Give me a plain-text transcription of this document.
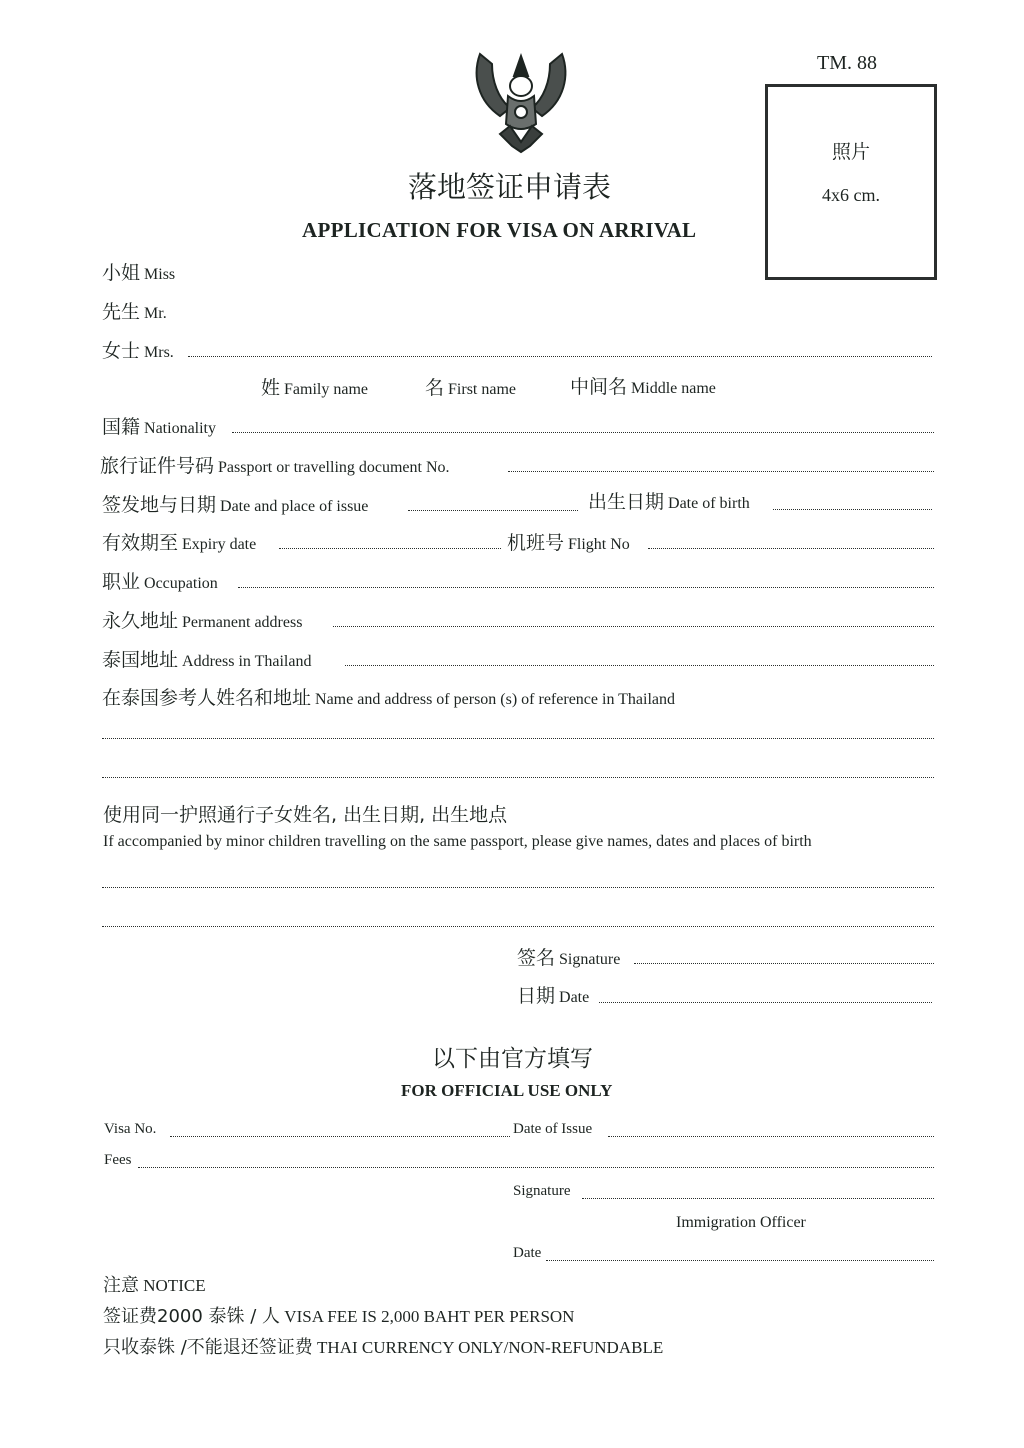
TM. 88
落地签证申请表
APPLICATION FOR VISA ON ARRIVAL
照片
4x6 cm.
小姐 Miss
先生 Mr.
女士 Mrs.
姓 Family name	名 First name	中间名 Middle name
国籍 Nationality
旅行证件号码 Passport or travelling document No.
签发地与日期 Date and place of issue	出生日期 Date of birth
有效期至 Expiry date	机班号 Flight No
职业 Occupation
永久地址 Permanent address
泰国地址 Address in Thailand
在泰国参考人姓名和地址 Name and address of person (s) of reference in Thailand
使用同一护照通行子女姓名, 出生日期, 出生地点
If accompanied by minor children travelling on the same passport, please give names, dates and places of birth
签名 Signature
日期 Date
以下由官方填写
FOR OFFICIAL USE ONLY
Visa No.	Date of Issue
Fees
Signature
Immigration Officer
Date
注意 NOTICE
签证费2000 泰铢 / 人 VISA FEE IS 2,000 BAHT PER PERSON
只收泰铢 /不能退还签证费 THAI CURRENCY ONLY/NON-REFUNDABLE
